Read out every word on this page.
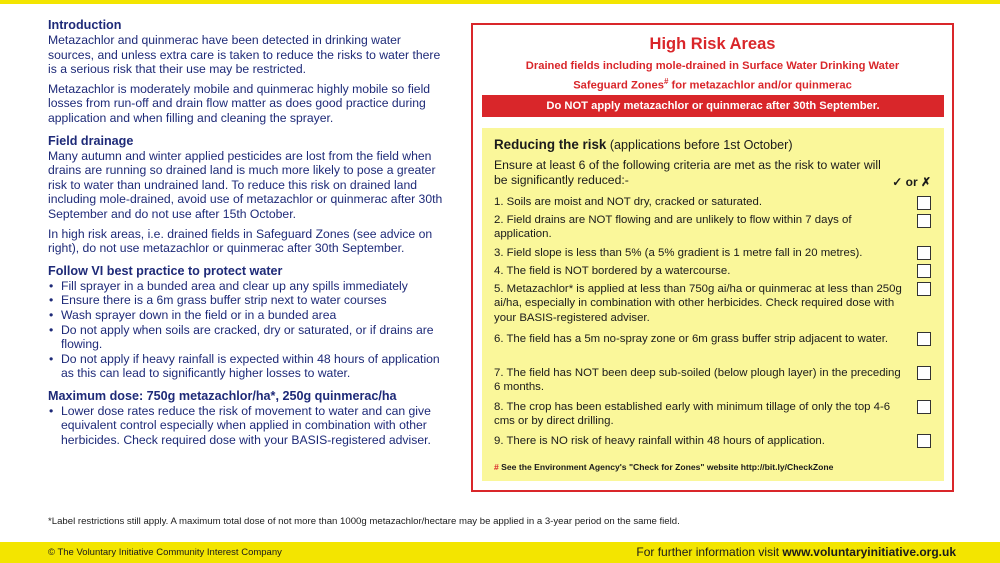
Introduction

Metazachlor and quinmerac have been detected in drinking water sources, and unless extra care is taken to reduce the risks to water there is a serious risk that their use may be restricted.

Metazachlor is moderately mobile and quinmerac highly mobile so field losses from run-off and drain flow matter as does good practice during application and when filling and cleaning the sprayer.

Field drainage

Many autumn and winter applied pesticides are lost from the field when drains are running so drained land is much more likely to pose a greater risk to water than undrained land. To reduce this risk on drained land including mole-drained, avoid use of metazachlor or quinmerac after 30th September and do not use after 15th October.

In high risk areas, i.e. drained fields in Safeguard Zones (see advice on right), do not use metazachlor or quinmerac after 30th September.

Follow VI best practice to protect water
• Fill sprayer in a bunded area and clear up any spills immediately
• Ensure there is a 6m grass buffer strip next to water courses
• Wash sprayer down in the field or in a bunded area
• Do not apply when soils are cracked, dry or saturated, or if drains are flowing.
• Do not apply if heavy rainfall is expected within 48 hours of application as this can lead to significantly higher losses to water.
Maximum dose: 750g metazachlor/ha*, 250g quinmerac/ha
• Lower dose rates reduce the risk of movement to water and can give equivalent control especially when applied in combination with other herbicides. Check required dose with your BASIS-registered adviser.
High Risk Areas
Drained fields including mole-drained in Surface Water Drinking Water
Safeguard Zones# for metazachlor and/or quinmerac
Do NOT apply metazachlor or quinmerac after 30th September.
Reducing the risk (applications before 1st October)
Ensure at least 6 of the following criteria are met as the risk to water will be significantly reduced:-	✓ or ✗
1. Soils are moist and NOT dry, cracked or saturated.
2. Field drains are NOT flowing and are unlikely to flow within 7 days of application.
3. Field slope is less than 5% (a 5% gradient is 1 metre fall in 20 metres).
4. The field is NOT bordered by a watercourse.
5. Metazachlor* is applied at less than 750g ai/ha or quinmerac at less than 250g ai/ha, especially in combination with other herbicides. Check required dose with your BASIS-registered adviser.
6. The field has a 5m no-spray zone or 6m grass buffer strip adjacent to water.
7. The field has NOT been deep sub-soiled (below plough layer) in the preceding 6 months.
8. The crop has been established early with minimum tillage of only the top 4-6 cms or by direct drilling.
9. There is NO risk of heavy rainfall within 48 hours of application.
# See the Environment Agency's "Check for Zones" website http://bit.ly/CheckZone
*Label restrictions still apply. A maximum total dose of not more than 1000g metazachlor/hectare may be applied in a 3-year period on the same field.
© The Voluntary Initiative Community Interest Company	For further information visit www.voluntaryinitiative.org.uk
